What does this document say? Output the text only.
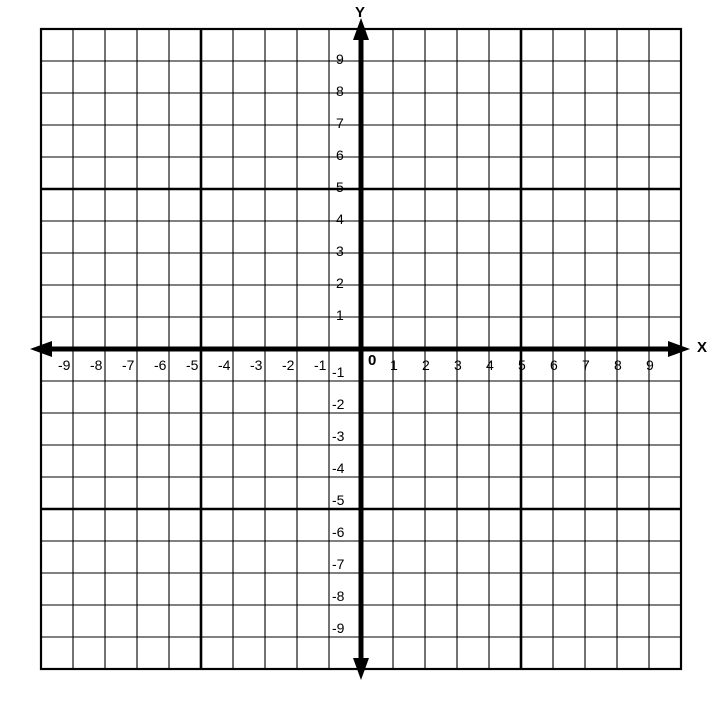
X
Y
0
-9 -8 -7 -6 -5 -4 -3 -2 -1	1 2 3 4 5 6 7 8 9
9
8
7
6
5
4
3
2
1
-1
-2
-3
-4
-5
-6
-7
-8
-9
